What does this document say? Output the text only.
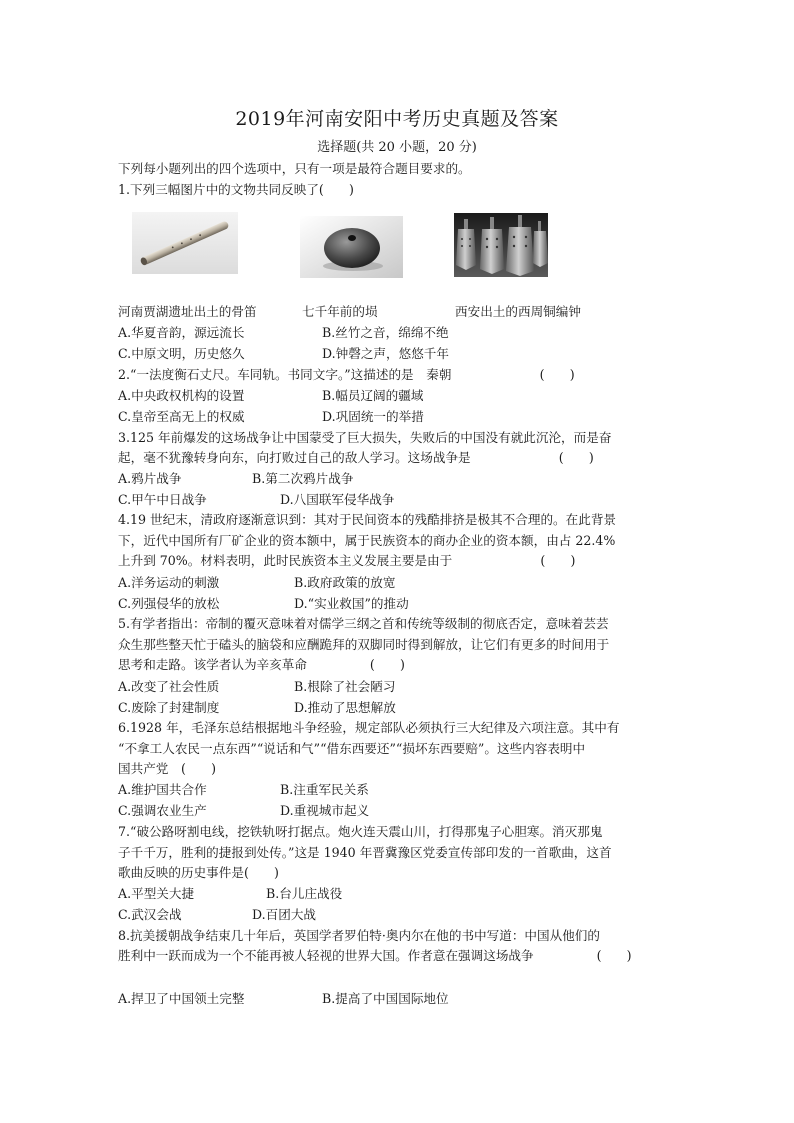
2019年河南安阳中考历史真题及答案
选择题(共 20 小题，20 分)
下列每小题列出的四个选项中，只有一项是最符合题目要求的。
1.下列三幅图片中的文物共同反映了(　　)
河南贾湖遗址出土的骨笛	七千年前的埙	西安出土的西周铜编钟
A.华夏音韵，源远流长	B.丝竹之音，绵绵不绝
C.中原文明，历史悠久	D.钟磬之声，悠悠千年
2.“一法度衡石丈尺。车同轨。书同文字。”这描述的是　秦朝　　　　　　　(　　)
A.中央政权机构的设置	B.幅员辽阔的疆域
C.皇帝至高无上的权威	D.巩固统一的举措
3.125 年前爆发的这场战争让中国蒙受了巨大损失，失败后的中国没有就此沉沦，而是奋
起，毫不犹豫转身向东，向打败过自己的敌人学习。这场战争是　　　　　　　(　　)
A.鸦片战争	B.第二次鸦片战争
C.甲午中日战争	D.八国联军侵华战争
4.19 世纪末，清政府逐渐意识到：其对于民间资本的残酷排挤是极其不合理的。在此背景
下，近代中国所有厂矿企业的资本额中，属于民族资本的商办企业的资本额，由占 22.4%
上升到 70%。材料表明，此时民族资本主义发展主要是由于　　　　　　　(　　)
A.洋务运动的刺激	B.政府政策的放宽
C.列强侵华的放松	D.“实业救国”的推动
5.有学者指出：帝制的覆灭意味着对儒学三纲之首和传统等级制的彻底否定，意味着芸芸
众生那些整天忙于磕头的脑袋和应酬跪拜的双脚同时得到解放，让它们有更多的时间用于
思考和走路。该学者认为辛亥革命　　　　　(　　)
A.改变了社会性质	B.根除了社会陋习
C.废除了封建制度	D.推动了思想解放
6.1928 年，毛泽东总结根据地斗争经验，规定部队必须执行三大纪律及六项注意。其中有
“不拿工人农民一点东西”“说话和气”“借东西要还”“损坏东西要赔”。这些内容表明中
国共产党　(　　)
A.维护国共合作	B.注重军民关系
C.强调农业生产	D.重视城市起义
7.“破公路呀割电线，挖铁轨呀打据点。炮火连天震山川，打得那鬼子心胆寒。消灭那鬼
子千千万，胜利的捷报到处传。”这是 1940 年晋冀豫区党委宣传部印发的一首歌曲，这首
歌曲反映的历史事件是(　　)
A.平型关大捷	B.台儿庄战役
C.武汉会战	D.百团大战
8.抗美援朝战争结束几十年后，英国学者罗伯特·奥内尔在他的书中写道：中国从他们的
胜利中一跃而成为一个不能再被人轻视的世界大国。作者意在强调这场战争　　　　　(　　)
A.捍卫了中国领土完整	B.提高了中国国际地位
